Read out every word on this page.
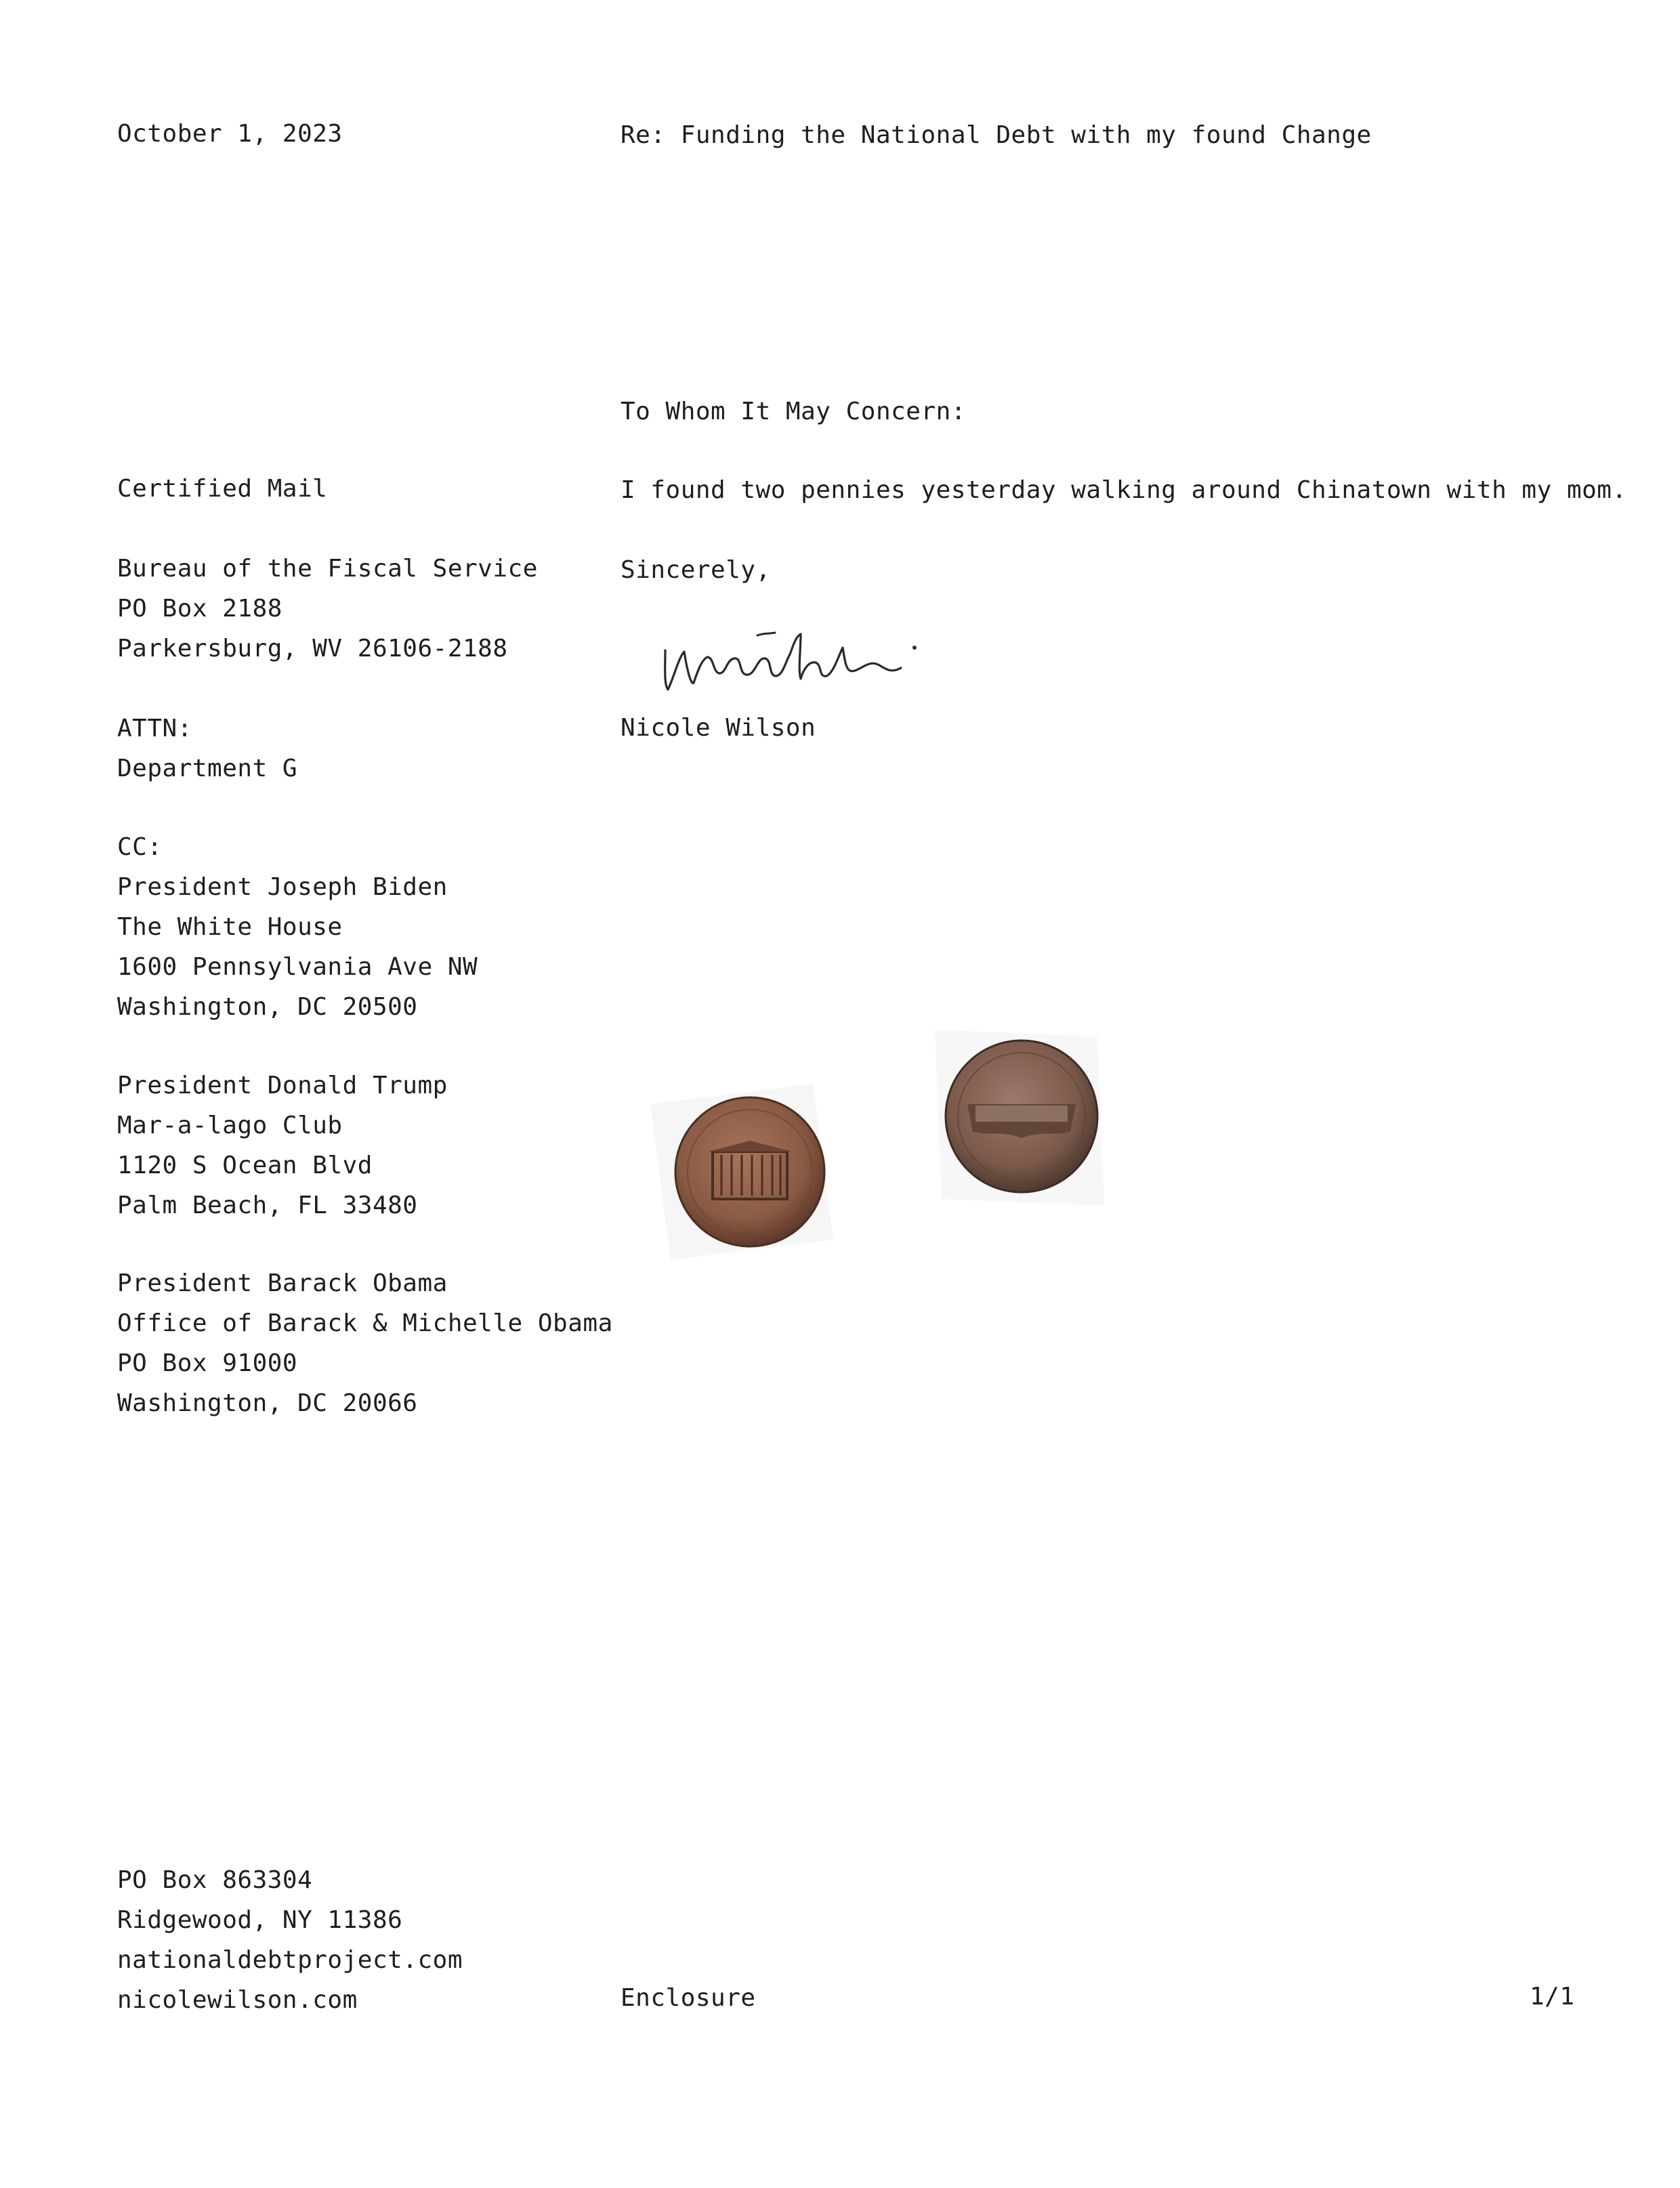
October 1, 2023	Re: Funding the National Debt with my found Change
To Whom It May Concern:
I found two pennies yesterday walking around Chinatown with my mom.
Sincerely,
Nicole Wilson
Certified Mail
Bureau of the Fiscal Service
PO Box 2188
Parkersburg, WV 26106-2188
ATTN:
Department G
CC:
President Joseph Biden
The White House
1600 Pennsylvania Ave NW
Washington, DC 20500
President Donald Trump
Mar-a-lago Club
1120 S Ocean Blvd
Palm Beach, FL 33480
President Barack Obama
Office of Barack & Michelle Obama
PO Box 91000
Washington, DC 20066
PO Box 863304
Ridgewood, NY 11386
nationaldebtproject.com
nicolewilson.com	Enclosure	1/1
